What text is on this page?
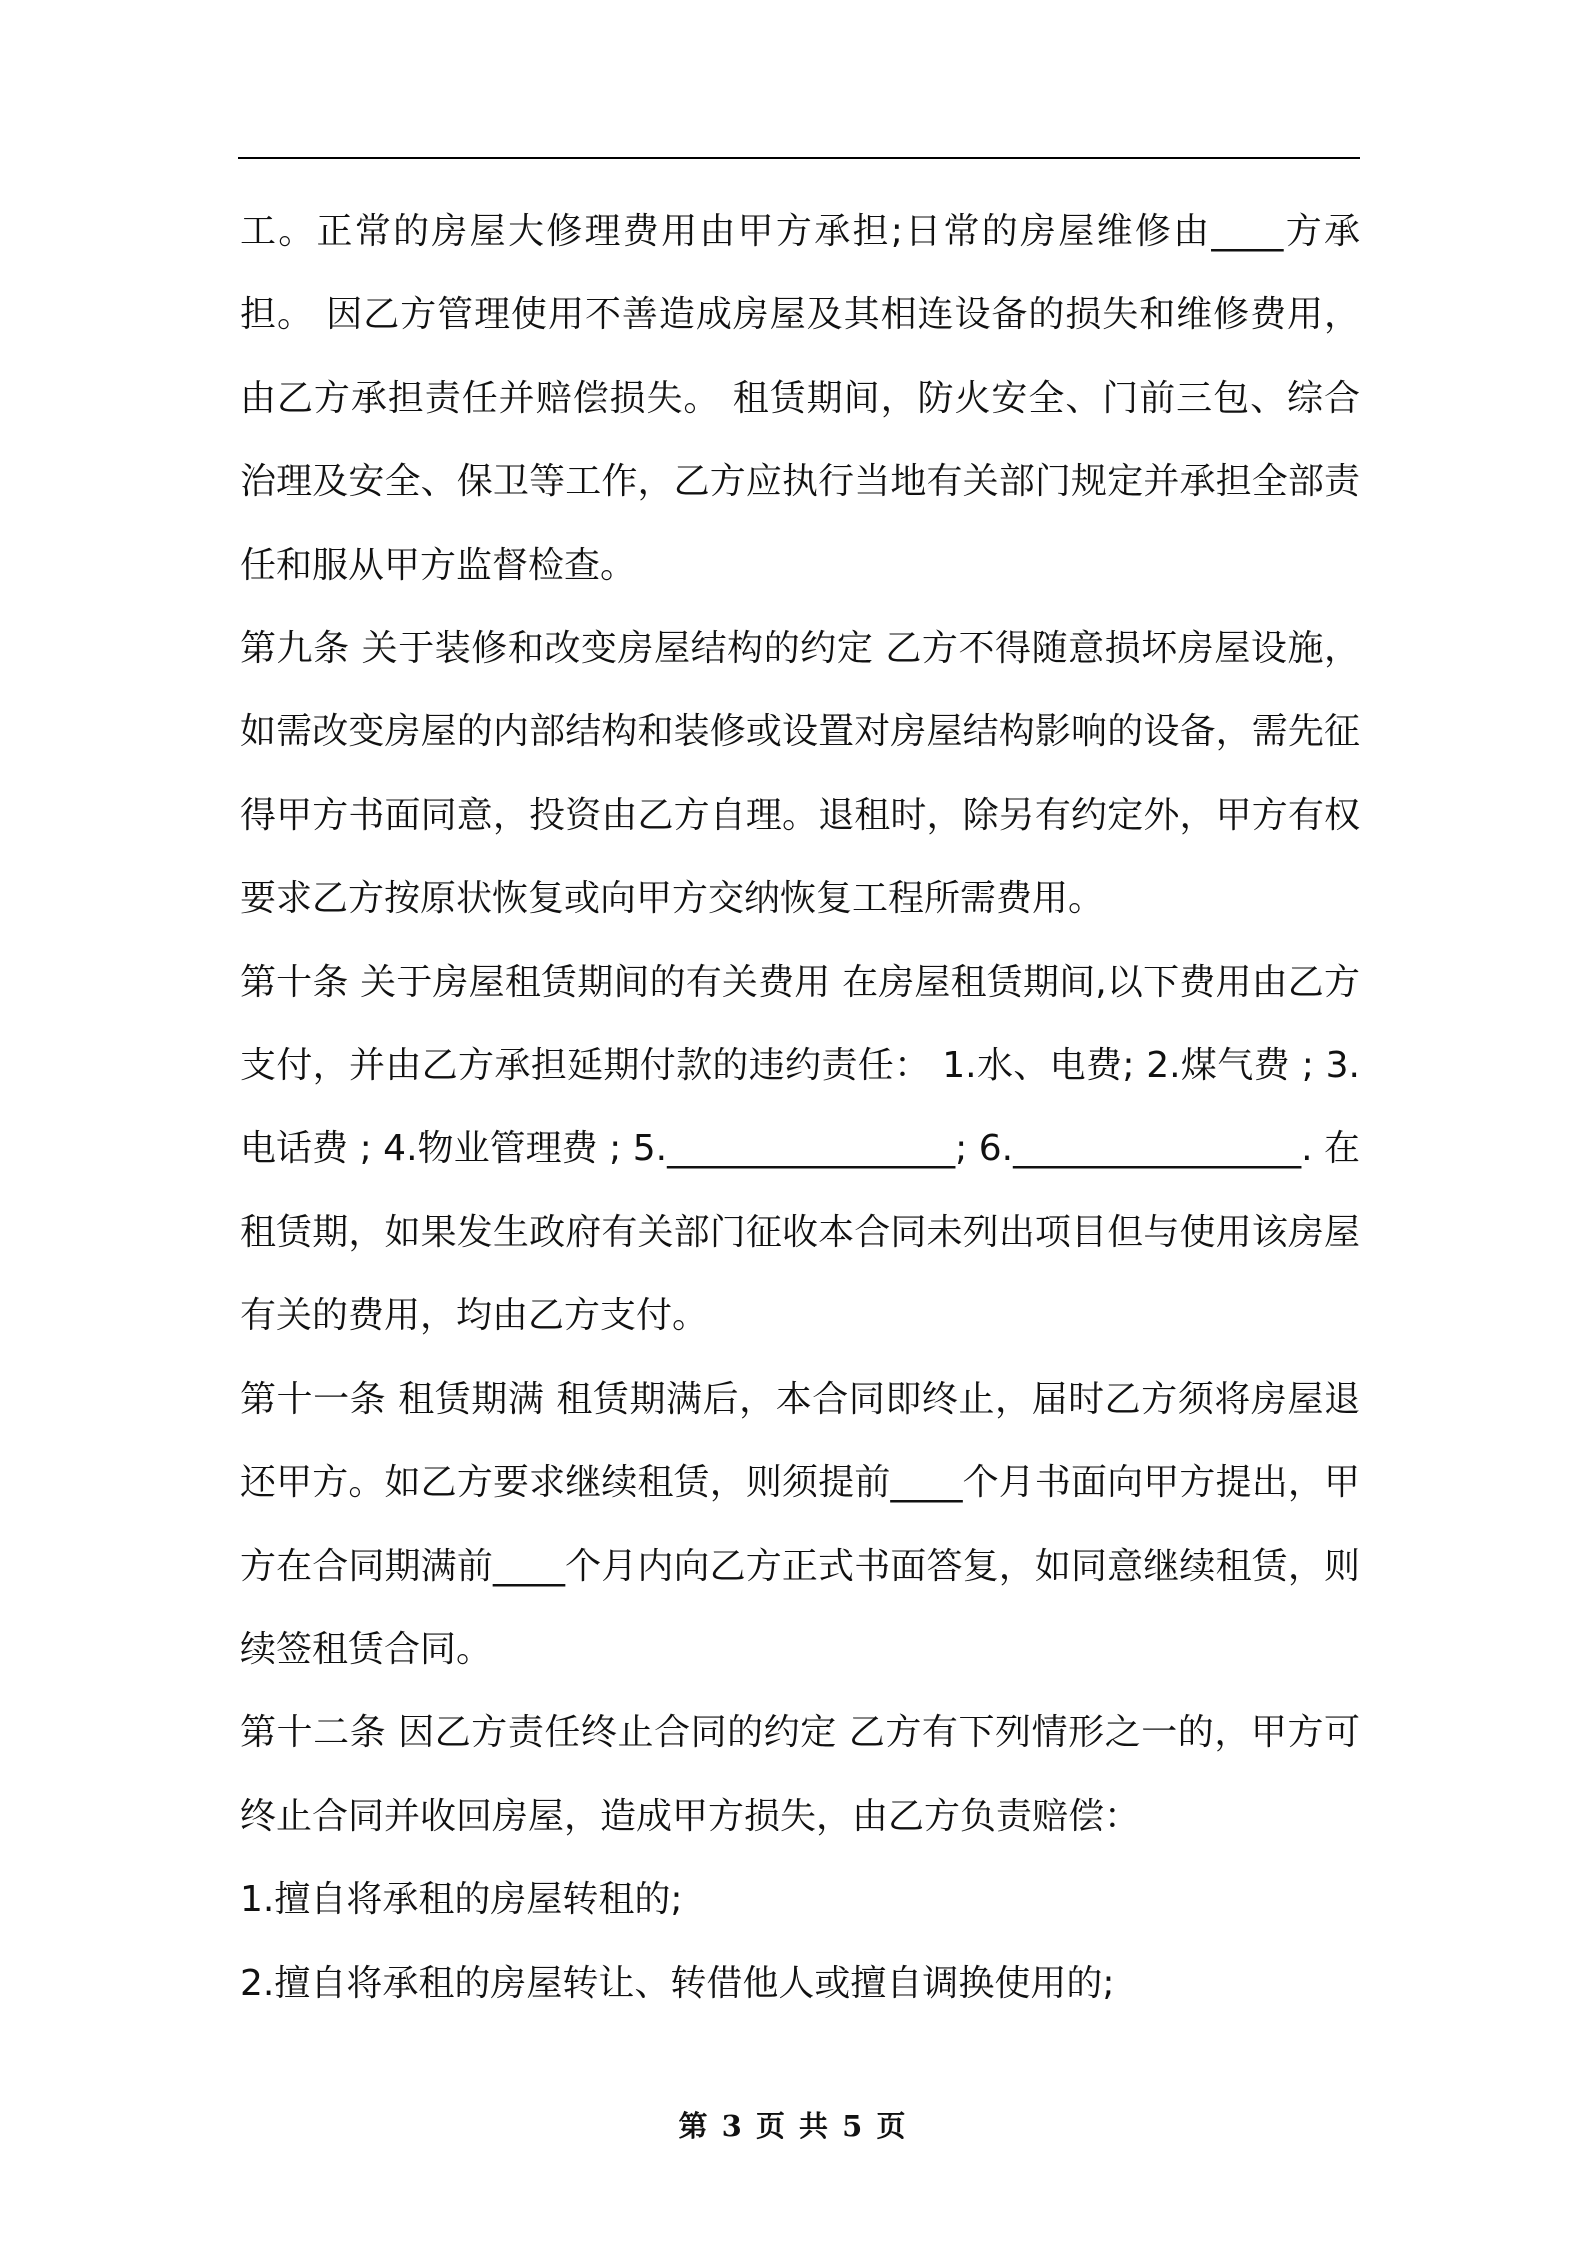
工。正常的房屋大修理费用由甲方承担;日常的房屋维修由____方承担。 因乙方管理使用不善造成房屋及其相连设备的损失和维修费用，由乙方承担责任并赔偿损失。 租赁期间，防火安全、门前三包、综合治理及安全、保卫等工作，乙方应执行当地有关部门规定并承担全部责任和服从甲方监督检查。

第九条 关于装修和改变房屋结构的约定 乙方不得随意损坏房屋设施，如需改变房屋的内部结构和装修或设置对房屋结构影响的设备，需先征得甲方书面同意，投资由乙方自理。退租时，除另有约定外，甲方有权要求乙方按原状恢复或向甲方交纳恢复工程所需费用。

第十条 关于房屋租赁期间的有关费用 在房屋租赁期间,以下费用由乙方支付，并由乙方承担延期付款的违约责任： 1.水、电费; 2.煤气费 ; 3.电话费 ; 4.物业管理费 ; 5.________________; 6.________________. 在租赁期，如果发生政府有关部门征收本合同未列出项目但与使用该房屋有关的费用，均由乙方支付。

第十一条 租赁期满 租赁期满后，本合同即终止，届时乙方须将房屋退还甲方。如乙方要求继续租赁，则须提前____个月书面向甲方提出，甲方在合同期满前____个月内向乙方正式书面答复，如同意继续租赁，则续签租赁合同。

第十二条 因乙方责任终止合同的约定 乙方有下列情形之一的，甲方可终止合同并收回房屋，造成甲方损失，由乙方负责赔偿：

1.擅自将承租的房屋转租的;

2.擅自将承租的房屋转让、转借他人或擅自调换使用的;

第 3 页 共 5 页
